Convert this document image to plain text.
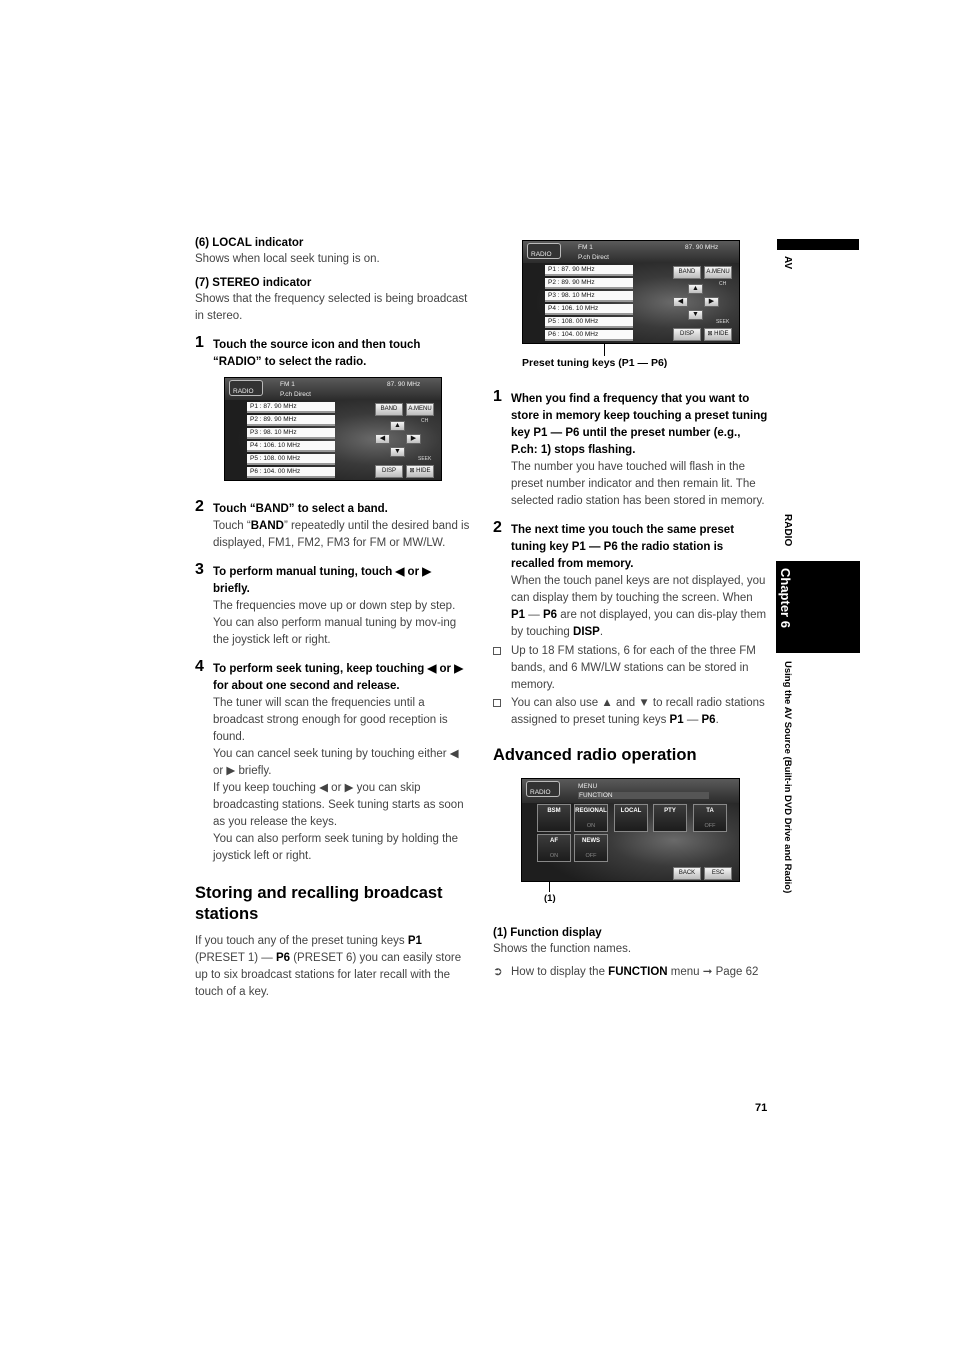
(6) LOCAL indicator
Shows when local seek tuning is on.
(7) STEREO indicator
Shows that the frequency selected is being broadcast in stereo.
1 Touch the source icon and then touch “RADIO” to select the radio.
RADIO
FM 1	87. 90 MHz
P.ch Direct
P1 : 87. 90 MHz
P2 : 89. 90 MHz
P3 : 98. 10 MHz
P4 : 106. 10 MHz
P5 : 108. 00 MHz
P6 : 104. 00 MHz
BAND	A.MENU
▲
◀	▶
▼
CH
SEEK
DISP	⊠ HIDE
2 Touch “BAND” to select a band.
Touch “BAND” repeatedly until the desired band is displayed, FM1, FM2, FM3 for FM or MW/LW.
3 To perform manual tuning, touch ◀ or ▶ briefly.
The frequencies move up or down step by step.
You can also perform manual tuning by mov-ing the joystick left or right.
4 To perform seek tuning, keep touching ◀ or ▶ for about one second and release.
The tuner will scan the frequencies until a broadcast strong enough for good reception is found.
You can cancel seek tuning by touching either ◀ or ▶ briefly.
If you keep touching ◀ or ▶ you can skip broadcasting stations. Seek tuning starts as soon as you release the keys.
You can also perform seek tuning by holding the joystick left or right.
Storing and recalling broadcast stations
If you touch any of the preset tuning keys P1 (PRESET 1) — P6 (PRESET 6) you can easily store up to six broadcast stations for later recall with the touch of a key.
RADIO
FM 1	87. 90 MHz
P.ch Direct
P1 : 87. 90 MHz
P2 : 89. 90 MHz
P3 : 98. 10 MHz
P4 : 106. 10 MHz
P5 : 108. 00 MHz
P6 : 104. 00 MHz
BAND	A.MENU
▲
◀	▶
▼
CH
SEEK
DISP	⊠ HIDE
Preset tuning keys (P1 — P6)
1 When you find a frequency that you want to store in memory keep touching a preset tuning key P1 — P6 until the preset number (e.g., P.ch: 1) stops flashing.
The number you have touched will flash in the preset number indicator and then remain lit. The selected radio station has been stored in memory.
2 The next time you touch the same preset tuning key P1 — P6 the radio station is recalled from memory.
When the touch panel keys are not displayed, you can display them by touching the screen. When P1 — P6 are not displayed, you can dis-play them by touching DISP.
Up to 18 FM stations, 6 for each of the three FM bands, and 6 MW/LW stations can be stored in memory.
You can also use ▲ and ▼ to recall radio stations assigned to preset tuning keys P1 — P6.
Advanced radio operation
RADIO
MENU
FUNCTION
BSM	REGIONAL
ON
LOCAL	PTY	TA
OFF
AF
ON
NEWS
OFF
BACK	ESC
(1)
(1) Function display
Shows the function names.
➲ How to display the FUNCTION menu ➞ Page 62
AV
RADIO
Chapter 6
Using the AV Source (Built-in DVD Drive and Radio)
71
